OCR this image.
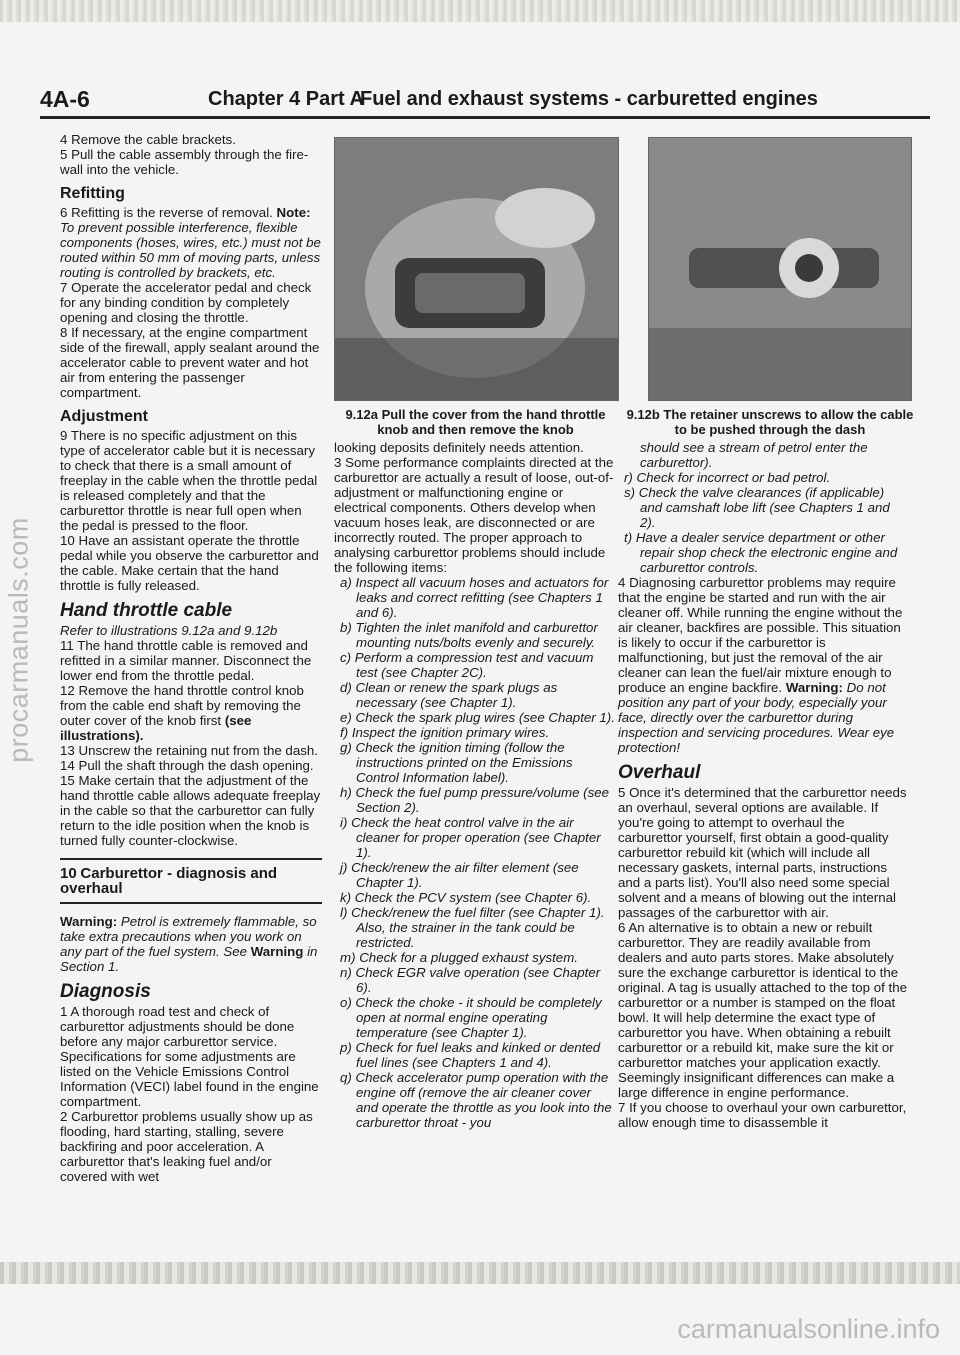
procarmanuals.com
4A-6	Chapter 4 Part A
Fuel and exhaust systems - carburetted engines

4 Remove the cable brackets.

5 Pull the cable assembly through the fire-wall into the vehicle.

Refitting

6 Refitting is the reverse of removal. Note: To prevent possible interference, flexible components (hoses, wires, etc.) must not be routed within 50 mm of moving parts, unless routing is controlled by brackets, etc.

7 Operate the accelerator pedal and check for any binding condition by completely opening and closing the throttle.

8 If necessary, at the engine compartment side of the firewall, apply sealant around the accelerator cable to prevent water and hot air from entering the passenger compartment.

Adjustment

9 There is no specific adjustment on this type of accelerator cable but it is necessary to check that there is a small amount of freeplay in the cable when the throttle pedal is released completely and that the carburettor throttle is near full open when the pedal is pressed to the floor.

10 Have an assistant operate the throttle pedal while you observe the carburettor and the cable. Make certain that the hand throttle is fully released.

Hand throttle cable

Refer to illustrations 9.12a and 9.12b

11 The hand throttle cable is removed and refitted in a similar manner. Disconnect the lower end from the throttle pedal.

12 Remove the hand throttle control knob from the cable end shaft by removing the outer cover of the knob first (see illustrations).

13 Unscrew the retaining nut from the dash.

14 Pull the shaft through the dash opening.

15 Make certain that the adjustment of the hand throttle cable allows adequate freeplay in the cable so that the carburettor can fully return to the idle position when the knob is turned fully counter-clockwise.

10 Carburettor - diagnosis and overhaul

Warning: Petrol is extremely flammable, so take extra precautions when you work on any part of the fuel system. See Warning in Section 1.

Diagnosis

1 A thorough road test and check of carburettor adjustments should be done before any major carburettor service. Specifications for some adjustments are listed on the Vehicle Emissions Control Information (VECI) label found in the engine compartment.

2 Carburettor problems usually show up as flooding, hard starting, stalling, severe backfiring and poor acceleration. A carburettor that's leaking fuel and/or covered with wet

9.12a Pull the cover from the hand throttle knob and then remove the knob
9.12b The retainer unscrews to allow the cable to be pushed through the dash

looking deposits definitely needs attention.

3 Some performance complaints directed at the carburettor are actually a result of loose, out-of-adjustment or malfunctioning engine or electrical components. Others develop when vacuum hoses leak, are disconnected or are incorrectly routed. The proper approach to analysing carburettor problems should include the following items:

a) Inspect all vacuum hoses and actuators for leaks and correct refitting (see Chapters 1 and 6).

b) Tighten the inlet manifold and carburettor mounting nuts/bolts evenly and securely.

c) Perform a compression test and vacuum test (see Chapter 2C).

d) Clean or renew the spark plugs as necessary (see Chapter 1).

e) Check the spark plug wires (see Chapter 1).

f) Inspect the ignition primary wires.

g) Check the ignition timing (follow the instructions printed on the Emissions Control Information label).

h) Check the fuel pump pressure/volume (see Section 2).

i) Check the heat control valve in the air cleaner for proper operation (see Chapter 1).

j) Check/renew the air filter element (see Chapter 1).

k) Check the PCV system (see Chapter 6).

l) Check/renew the fuel filter (see Chapter 1). Also, the strainer in the tank could be restricted.

m) Check for a plugged exhaust system.

n) Check EGR valve operation (see Chapter 6).

o) Check the choke - it should be completely open at normal engine operating temperature (see Chapter 1).

p) Check for fuel leaks and kinked or dented fuel lines (see Chapters 1 and 4).

q) Check accelerator pump operation with the engine off (remove the air cleaner cover and operate the throttle as you look into the carburettor throat - you

should see a stream of petrol enter the carburettor).

r) Check for incorrect or bad petrol.

s) Check the valve clearances (if applicable) and camshaft lobe lift (see Chapters 1 and 2).

t) Have a dealer service department or other repair shop check the electronic engine and carburettor controls.

4 Diagnosing carburettor problems may require that the engine be started and run with the air cleaner off. While running the engine without the air cleaner, backfires are possible. This situation is likely to occur if the carburettor is malfunctioning, but just the removal of the air cleaner can lean the fuel/air mixture enough to produce an engine backfire. Warning: Do not position any part of your body, especially your face, directly over the carburettor during inspection and servicing procedures. Wear eye protection!

Overhaul

5 Once it's determined that the carburettor needs an overhaul, several options are available. If you're going to attempt to overhaul the carburettor yourself, first obtain a good-quality carburettor rebuild kit (which will include all necessary gaskets, internal parts, instructions and a parts list). You'll also need some special solvent and a means of blowing out the internal passages of the carburettor with air.

6 An alternative is to obtain a new or rebuilt carburettor. They are readily available from dealers and auto parts stores. Make absolutely sure the exchange carburettor is identical to the original. A tag is usually attached to the top of the carburettor or a number is stamped on the float bowl. It will help determine the exact type of carburettor you have. When obtaining a rebuilt carburettor or a rebuild kit, make sure the kit or carburettor matches your application exactly. Seemingly insignificant differences can make a large difference in engine performance.

7 If you choose to overhaul your own carburettor, allow enough time to disassemble it

carmanualsonline.info
